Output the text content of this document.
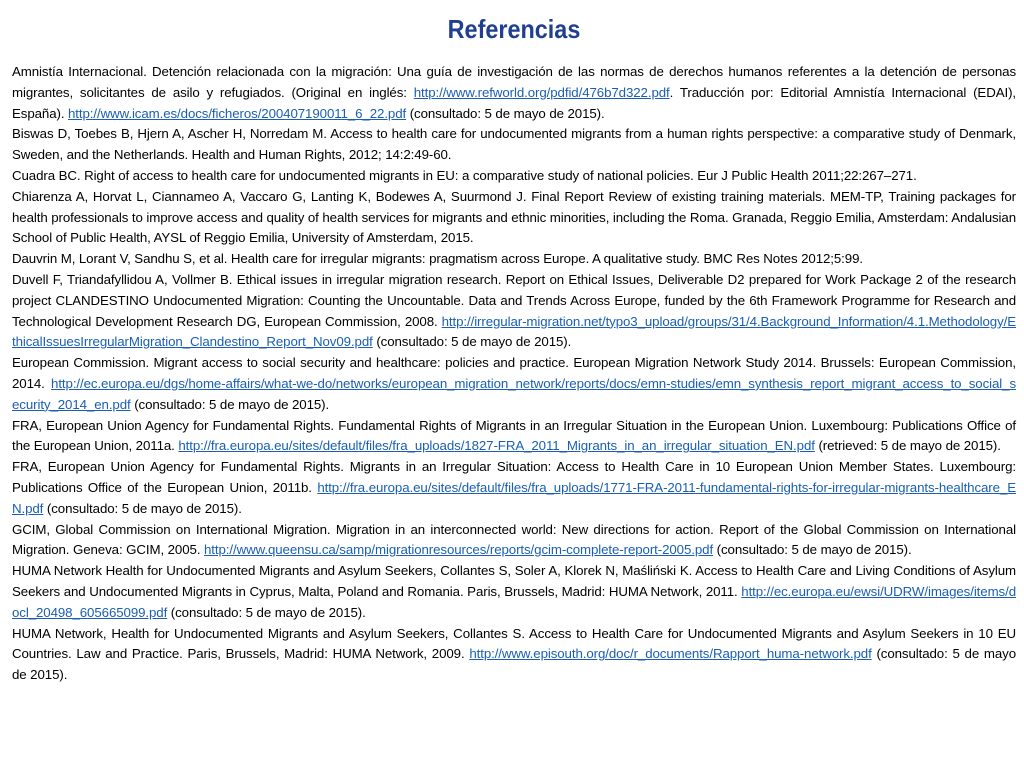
Referencias

Amnistía Internacional. Detención relacionada con la migración: Una guía de investigación de las normas de derechos humanos referentes a la detención de personas migrantes, solicitantes de asilo y refugiados. (Original en inglés: http://www.refworld.org/pdfid/476b7d322.pdf. Traducción por: Editorial Amnistía Internacional (EDAI), España). http://www.icam.es/docs/ficheros/200407190011_6_22.pdf (consultado: 5 de mayo de 2015).

Biswas D, Toebes B, Hjern A, Ascher H, Norredam M. Access to health care for undocumented migrants from a human rights perspective: a comparative study of Denmark, Sweden, and the Netherlands. Health and Human Rights, 2012; 14:2:49-60.

Cuadra BC. Right of access to health care for undocumented migrants in EU: a comparative study of national policies. Eur J Public Health 2011;22:267–271.

Chiarenza A, Horvat L, Ciannameo A, Vaccaro G, Lanting K, Bodewes A, Suurmond J. Final Report Review of existing training materials. MEM-TP, Training packages for health professionals to improve access and quality of health services for migrants and ethnic minorities, including the Roma. Granada, Reggio Emilia, Amsterdam: Andalusian School of Public Health, AYSL of Reggio Emilia, University of Amsterdam, 2015.

Dauvrin M, Lorant V, Sandhu S, et al. Health care for irregular migrants: pragmatism across Europe. A qualitative study. BMC Res Notes 2012;5:99.

Duvell F, Triandafyllidou A, Vollmer B. Ethical issues in irregular migration research. Report on Ethical Issues, Deliverable D2 prepared for Work Package 2 of the research project CLANDESTINO Undocumented Migration: Counting the Uncountable. Data and Trends Across Europe, funded by the 6th Framework Programme for Research and Technological Development Research DG, European Commission, 2008. http://irregular-migration.net/typo3_upload/groups/31/4.Background_Information/4.1.Methodology/EthicalIssuesIrregularMigration_Clandestino_Report_Nov09.pdf (consultado: 5 de mayo de 2015).

European Commission. Migrant access to social security and healthcare: policies and practice. European Migration Network Study 2014. Brussels: European Commission, 2014. http://ec.europa.eu/dgs/home-affairs/what-we-do/networks/european_migration_network/reports/docs/emn-studies/emn_synthesis_report_migrant_access_to_social_security_2014_en.pdf (consultado: 5 de mayo de 2015).

FRA, European Union Agency for Fundamental Rights. Fundamental Rights of Migrants in an Irregular Situation in the European Union. Luxembourg: Publications Office of the European Union, 2011a. http://fra.europa.eu/sites/default/files/fra_uploads/1827-FRA_2011_Migrants_in_an_irregular_situation_EN.pdf (retrieved: 5 de mayo de 2015).

FRA, European Union Agency for Fundamental Rights. Migrants in an Irregular Situation: Access to Health Care in 10 European Union Member States. Luxembourg: Publications Office of the European Union, 2011b. http://fra.europa.eu/sites/default/files/fra_uploads/1771-FRA-2011-fundamental-rights-for-irregular-migrants-healthcare_EN.pdf (consultado: 5 de mayo de 2015).

GCIM, Global Commission on International Migration. Migration in an interconnected world: New directions for action. Report of the Global Commission on International Migration. Geneva: GCIM, 2005. http://www.queensu.ca/samp/migrationresources/reports/gcim-complete-report-2005.pdf (consultado: 5 de mayo de 2015).

HUMA Network Health for Undocumented Migrants and Asylum Seekers, Collantes S, Soler A, Klorek N, Maśliński K. Access to Health Care and Living Conditions of Asylum Seekers and Undocumented Migrants in Cyprus, Malta, Poland and Romania. Paris, Brussels, Madrid: HUMA Network, 2011. http://ec.europa.eu/ewsi/UDRW/images/items/docl_20498_605665099.pdf (consultado: 5 de mayo de 2015).

HUMA Network, Health for Undocumented Migrants and Asylum Seekers, Collantes S. Access to Health Care for Undocumented Migrants and Asylum Seekers in 10 EU Countries. Law and Practice. Paris, Brussels, Madrid: HUMA Network, 2009. http://www.episouth.org/doc/r_documents/Rapport_huma-network.pdf (consultado: 5 de mayo de 2015).
